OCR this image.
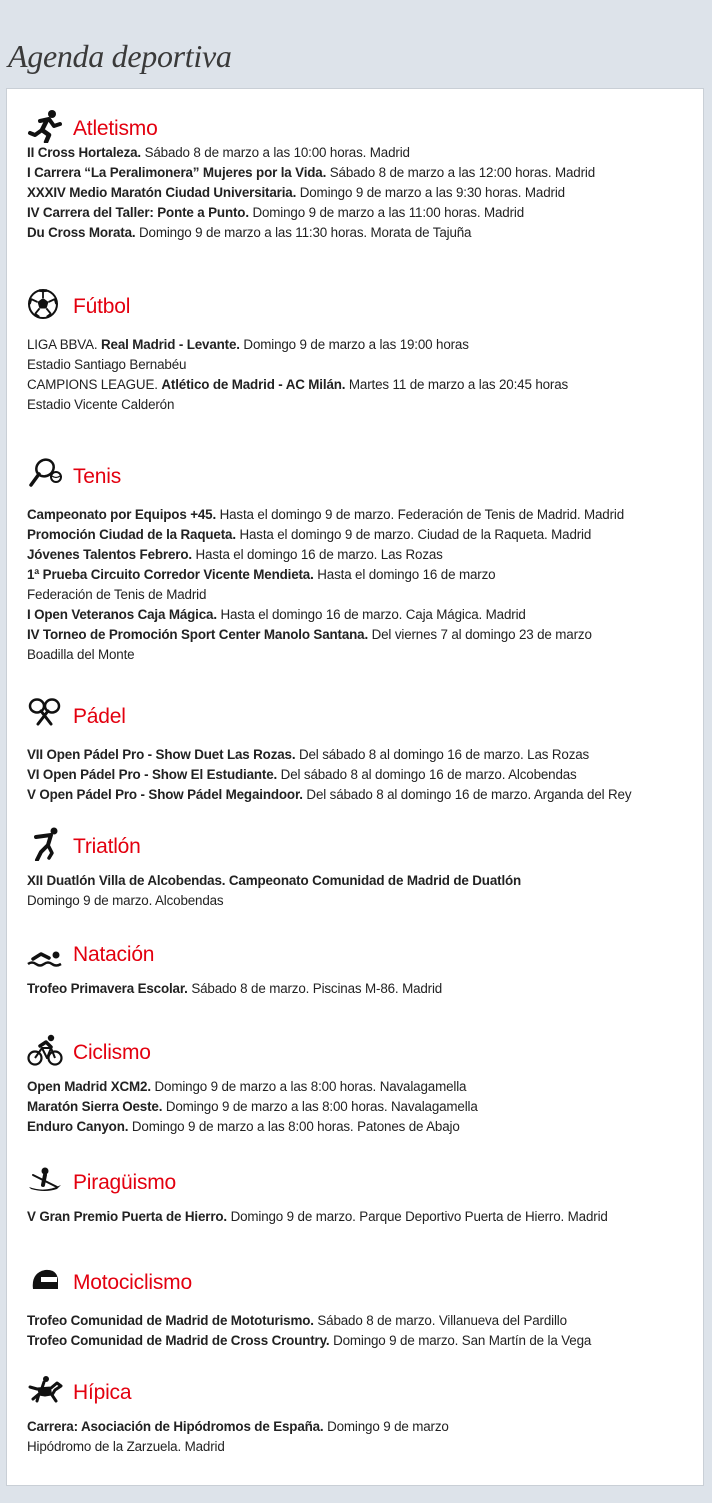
Agenda deportiva
Atletismo
II Cross Hortaleza. Sábado 8 de marzo a las 10:00 horas. Madrid
I Carrera “La Peralimonera” Mujeres por la Vida. Sábado 8 de marzo a las 12:00 horas. Madrid
XXXIV Medio Maratón Ciudad Universitaria. Domingo 9 de marzo a las 9:30 horas. Madrid
IV Carrera del Taller: Ponte a Punto. Domingo 9 de marzo a las 11:00 horas. Madrid
Du Cross Morata. Domingo 9 de marzo a las 11:30 horas. Morata de Tajuña
Fútbol
LIGA BBVA. Real Madrid - Levante. Domingo 9 de marzo a las 19:00 horas
Estadio Santiago Bernabéu
CAMPIONS LEAGUE. Atlético de Madrid - AC Milán. Martes 11 de marzo a las 20:45 horas
Estadio Vicente Calderón
Tenis
Campeonato por Equipos +45. Hasta el domingo 9 de marzo. Federación de Tenis de Madrid. Madrid
Promoción Ciudad de la Raqueta. Hasta el domingo 9 de marzo. Ciudad de la Raqueta. Madrid
Jóvenes Talentos Febrero. Hasta el domingo 16 de marzo. Las Rozas
1ª Prueba Circuito Corredor Vicente Mendieta. Hasta el domingo 16 de marzo
Federación de Tenis de Madrid
I Open Veteranos Caja Mágica. Hasta el domingo 16 de marzo. Caja Mágica. Madrid
IV Torneo de Promoción Sport Center Manolo Santana. Del viernes 7 al domingo 23 de marzo
Boadilla del Monte
Pádel
VII Open Pádel Pro - Show Duet Las Rozas. Del sábado 8 al domingo 16 de marzo. Las Rozas
VI Open Pádel Pro - Show El Estudiante. Del sábado 8 al domingo 16 de marzo. Alcobendas
V Open Pádel Pro - Show Pádel Megaindoor. Del sábado 8 al domingo 16 de marzo. Arganda del Rey
Triatlón
XII Duatlón Villa de Alcobendas. Campeonato Comunidad de Madrid de Duatlón
Domingo 9 de marzo. Alcobendas
Natación
Trofeo Primavera Escolar. Sábado 8 de marzo. Piscinas M-86. Madrid
Ciclismo
Open Madrid XCM2. Domingo 9 de marzo a las 8:00 horas. Navalagamella
Maratón Sierra Oeste. Domingo 9 de marzo a las 8:00 horas. Navalagamella
Enduro Canyon. Domingo 9 de marzo a las 8:00 horas. Patones de Abajo
Piragüismo
V Gran Premio Puerta de Hierro. Domingo 9 de marzo. Parque Deportivo Puerta de Hierro. Madrid
Motociclismo
Trofeo Comunidad de Madrid de Mototurismo. Sábado 8 de marzo. Villanueva del Pardillo
Trofeo Comunidad de Madrid de Cross Crountry. Domingo 9 de marzo. San Martín de la Vega
Hípica
Carrera: Asociación de Hipódromos de España. Domingo 9 de marzo
Hipódromo de la Zarzuela. Madrid
